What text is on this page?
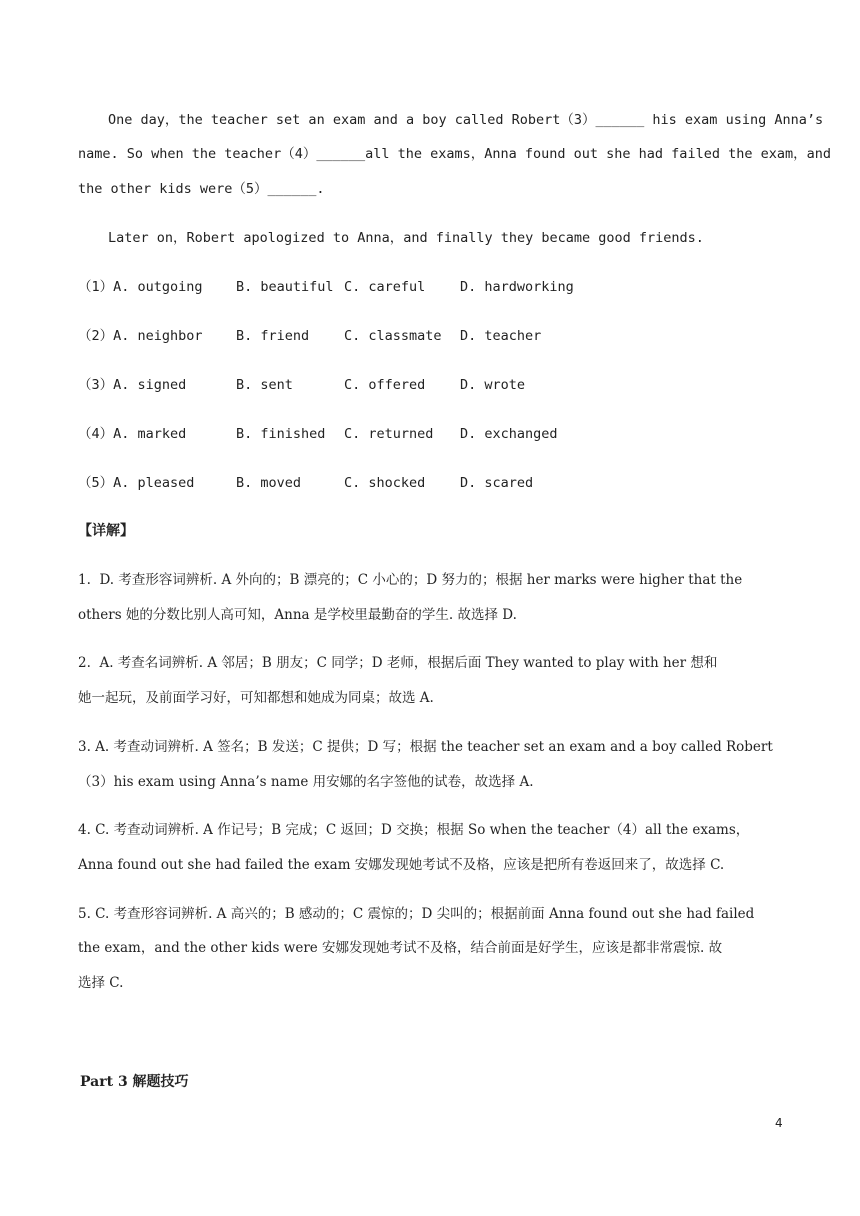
One day，the teacher set an exam and a boy called Robert（3）______ his exam using Anna’s
name. So when the teacher（4）______all the exams，Anna found out she had failed the exam，and
the other kids were（5）______.
Later on，Robert apologized to Anna，and finally they became good friends.
（1）A. outgoing B. beautiful C. careful	D. hardworking
（2）A. neighbor B. friend	C. classmate D. teacher
（3）A. signed	B. sent	C. offered	D. wrote
（4）A. marked	B. finished C. returned D. exchanged
（5）A. pleased	B. moved	C. shocked	D. scared
【详解】
1.  D. 考查形容词辨析. A 外向的；B 漂亮的；C 小心的；D 努力的；根据 her marks were higher that the
others 她的分数比别人高可知，Anna 是学校里最勤奋的学生. 故选择 D.
2.  A. 考查名词辨析. A 邻居；B 朋友；C 同学；D 老师，根据后面 They wanted to play with her 想和
她一起玩，及前面学习好，可知都想和她成为同桌；故选 A.
3. A. 考查动词辨析. A 签名；B 发送；C 提供；D 写；根据 the teacher set an exam and a boy called Robert
（3）his exam using Anna’s name 用安娜的名字签他的试卷，故选择 A.
4. C. 考查动词辨析. A 作记号；B 完成；C 返回；D 交换；根据 So when the teacher（4）all the exams，
Anna found out she had failed the exam 安娜发现她考试不及格，应该是把所有卷返回来了，故选择 C.
5. C. 考查形容词辨析. A 高兴的；B 感动的；C 震惊的；D 尖叫的；根据前面 Anna found out she had failed
the exam，and the other kids were 安娜发现她考试不及格，结合前面是好学生，应该是都非常震惊. 故
选择 C.
Part 3 解题技巧
4
